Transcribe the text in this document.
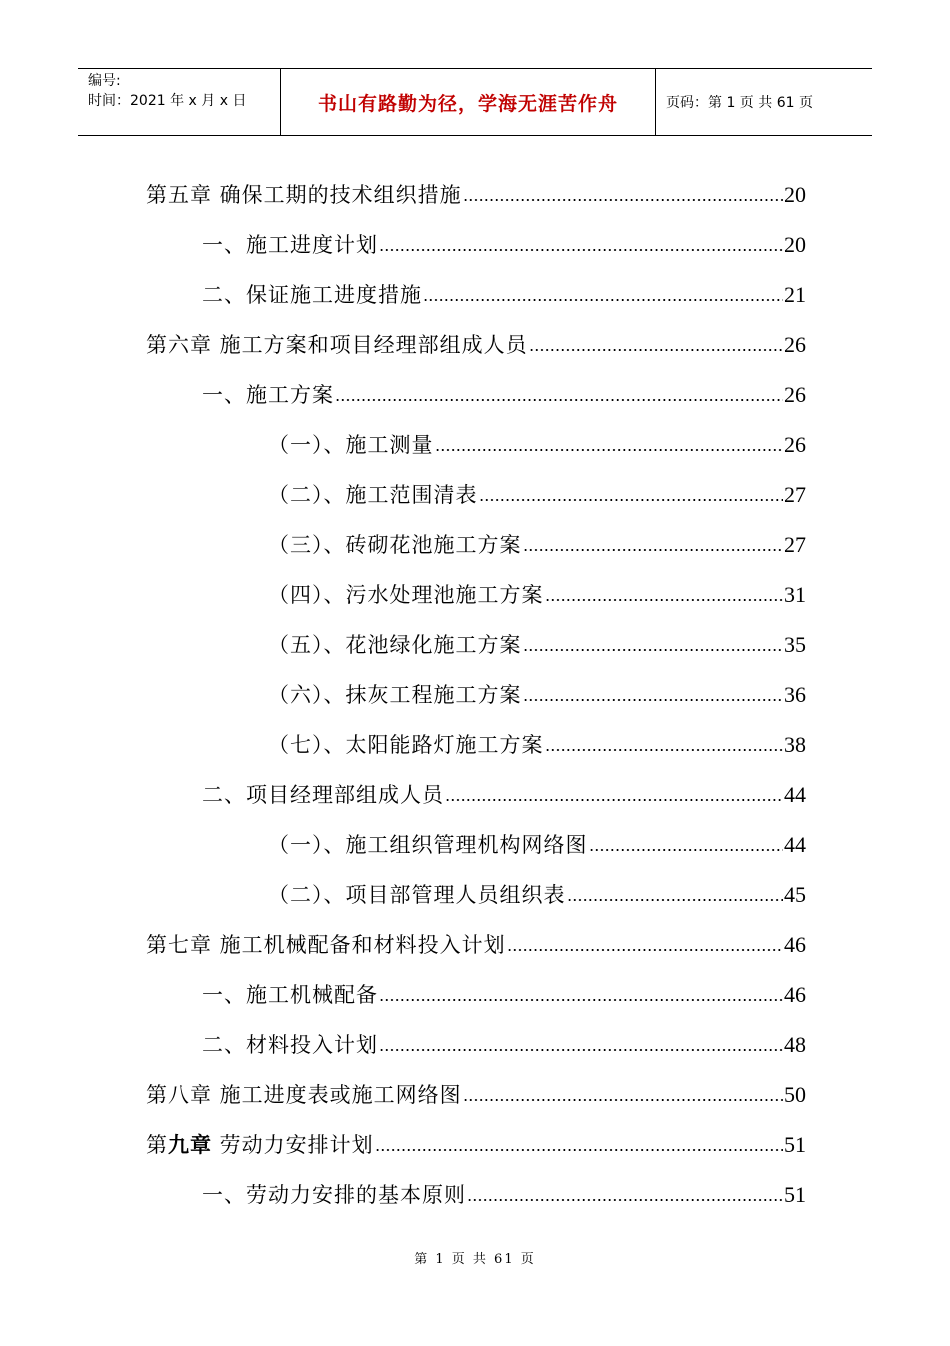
编号:
时间：2021 年 x 月 x 日	书山有路勤为径，学海无涯苦作舟	页码：第 1 页 共 61 页
第五章 确保工期的技术组织措施	20
一、施工进度计划	20
二、保证施工进度措施	21
第六章 施工方案和项目经理部组成人员	26
一、施工方案	26
（一）、施工测量	26
（二）、施工范围清表	27
（三）、砖砌花池施工方案	27
（四）、污水处理池施工方案	31
（五）、花池绿化施工方案	35
（六）、抹灰工程施工方案	36
（七）、太阳能路灯施工方案	38
二、项目经理部组成人员	44
（一）、施工组织管理机构网络图	44
（二）、项目部管理人员组织表	45
第七章 施工机械配备和材料投入计划	46
一、施工机械配备	46
二、材料投入计划	48
第八章 施工进度表或施工网络图	50
第九章 劳动力安排计划	51
一、劳动力安排的基本原则	51
第 1 页 共 61 页
